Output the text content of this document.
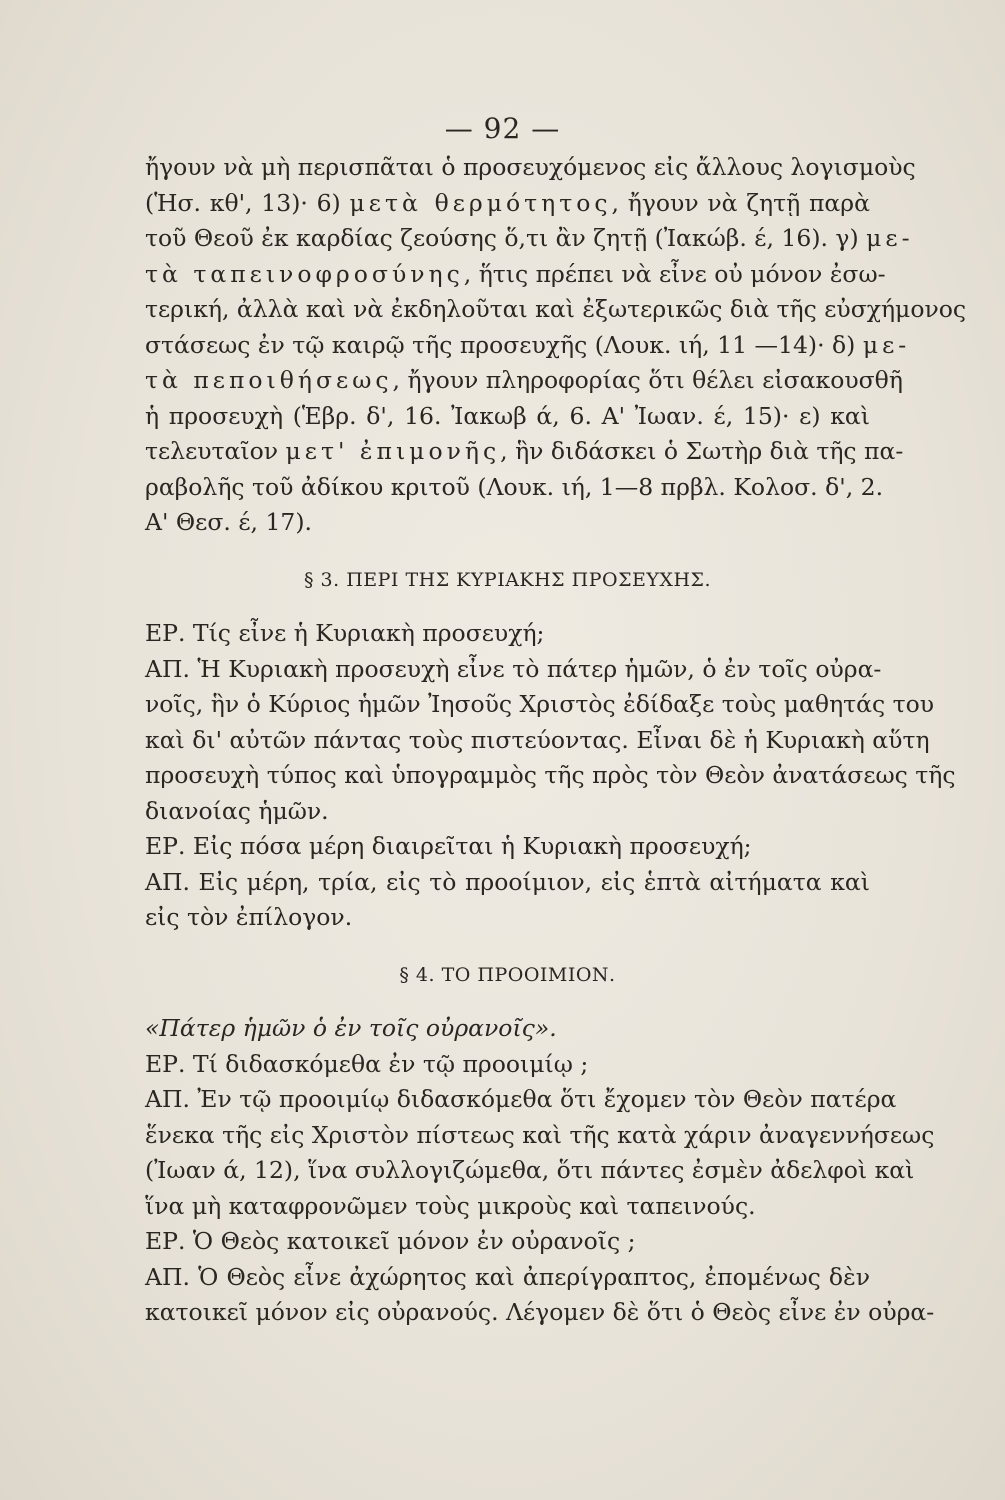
— 92 —
ἤγουν νὰ μὴ περισπᾶται ὁ προσευχόμενος εἰς ἄλλους λογισμοὺς
(Ἡσ. κθ', 13)· 6) μετὰ θερμότητος, ἤγουν νὰ ζητῇ παρὰ
τοῦ Θεοῦ ἐκ καρδίας ζεούσης ὅ,τι ἂν ζητῇ (Ἰακώβ. έ, 16). γ) με-
τὰ ταπεινοφροσύνης, ἥτις πρέπει νὰ εἶνε οὐ μόνον ἐσω-
τερική, ἀλλὰ καὶ νὰ ἐκδηλοῦται καὶ ἐξωτερικῶς διὰ τῆς εὐσχήμονος
στάσεως ἐν τῷ καιρῷ τῆς προσευχῆς (Λουκ. ιή, 11 —14)· δ) με-
τὰ πεποιθήσεως, ἤγουν πληροφορίας ὅτι θέλει εἰσακουσθῆ
ἡ προσευχὴ (Ἑβρ. δ', 16. Ἰακωβ ά, 6. Α' Ἰωαν. έ, 15)· ε) καὶ
τελευταῖον μετ' ἐπιμονῆς, ἣν διδάσκει ὁ Σωτὴρ διὰ τῆς πα-
ραβολῆς τοῦ ἀδίκου κριτοῦ (Λουκ. ιή, 1—8 πρβλ. Κολοσ. δ', 2.
Α' Θεσ. έ, 17).
§ 3. ΠΕΡΙ ΤΗΣ ΚΥΡΙΑΚΗΣ ΠΡΟΣΕΥΧΗΣ.
ΕΡ. Τίς εἶνε ἡ Κυριακὴ προσευχή;
ΑΠ. Ἡ Κυριακὴ προσευχὴ εἶνε τὸ πάτερ ἡμῶν, ὁ ἐν τοῖς οὐρα-
νοῖς, ἣν ὁ Κύριος ἡμῶν Ἰησοῦς Χριστὸς ἐδίδαξε τοὺς μαθητάς του
καὶ δι' αὐτῶν πάντας τοὺς πιστεύοντας. Εἶναι δὲ ἡ Κυριακὴ αὕτη
προσευχὴ τύπος καὶ ὑπογραμμὸς τῆς πρὸς τὸν Θεὸν ἀνατάσεως τῆς
διανοίας ἡμῶν.
ΕΡ. Εἰς πόσα μέρη διαιρεῖται ἡ Κυριακὴ προσευχή;
ΑΠ. Εἰς μέρη, τρία, εἰς τὸ προοίμιον, εἰς ἑπτὰ αἰτήματα καὶ
εἰς τὸν ἐπίλογον.
§ 4. ΤΟ ΠΡΟΟΙΜΙΟΝ.
«Πάτερ ἡμῶν ὁ ἐν τοῖς οὐρανοῖς».
ΕΡ. Τί διδασκόμεθα ἐν τῷ προοιμίῳ ;
ΑΠ. Ἐν τῷ προοιμίῳ διδασκόμεθα ὅτι ἔχομεν τὸν Θεὸν πατέρα
ἕνεκα τῆς εἰς Χριστὸν πίστεως καὶ τῆς κατὰ χάριν ἀναγεννήσεως
(Ἰωαν ά, 12), ἵνα συλλογιζώμεθα, ὅτι πάντες ἐσμὲν ἀδελφοὶ καὶ
ἵνα μὴ καταφρονῶμεν τοὺς μικροὺς καὶ ταπεινούς.
ΕΡ. Ὁ Θεὸς κατοικεῖ μόνον ἐν οὐρανοῖς ;
ΑΠ. Ὁ Θεὸς εἶνε ἀχώρητος καὶ ἀπερίγραπτος, ἐπομένως δὲν
κατοικεῖ μόνον εἰς οὐρανούς. Λέγομεν δὲ ὅτι ὁ Θεὸς εἶνε ἐν οὐρα-
